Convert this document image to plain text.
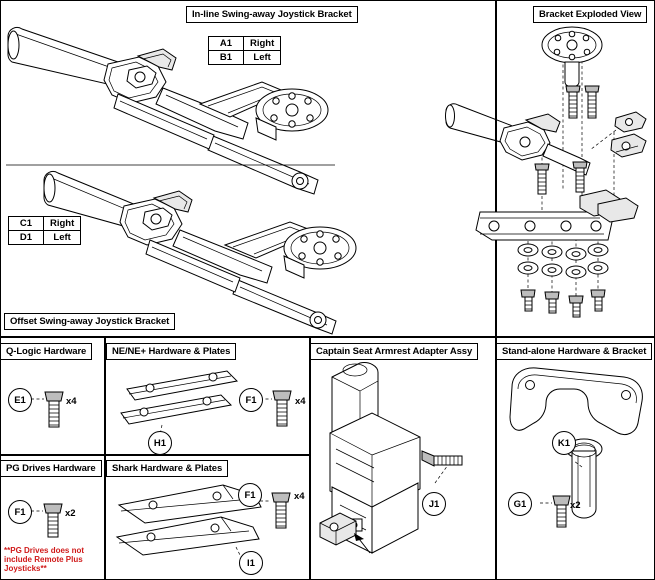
In-line Swing-away Joystick Bracket
Offset Swing-away Joystick Bracket
A1	Right
B1	Left
C1	Right
D1	Left
Bracket Exploded View
Q-Logic Hardware
E1	x4
PG Drives Hardware
F1	x2
**PG Drives does not include Remote Plus Joysticks**
NE/NE+ Hardware & Plates
F1	x4
H1
Shark Hardware & Plates
F1	x4
I1
Captain Seat Armrest Adapter Assy
J1
Stand-alone Hardware & Bracket
K1
G1	x2
